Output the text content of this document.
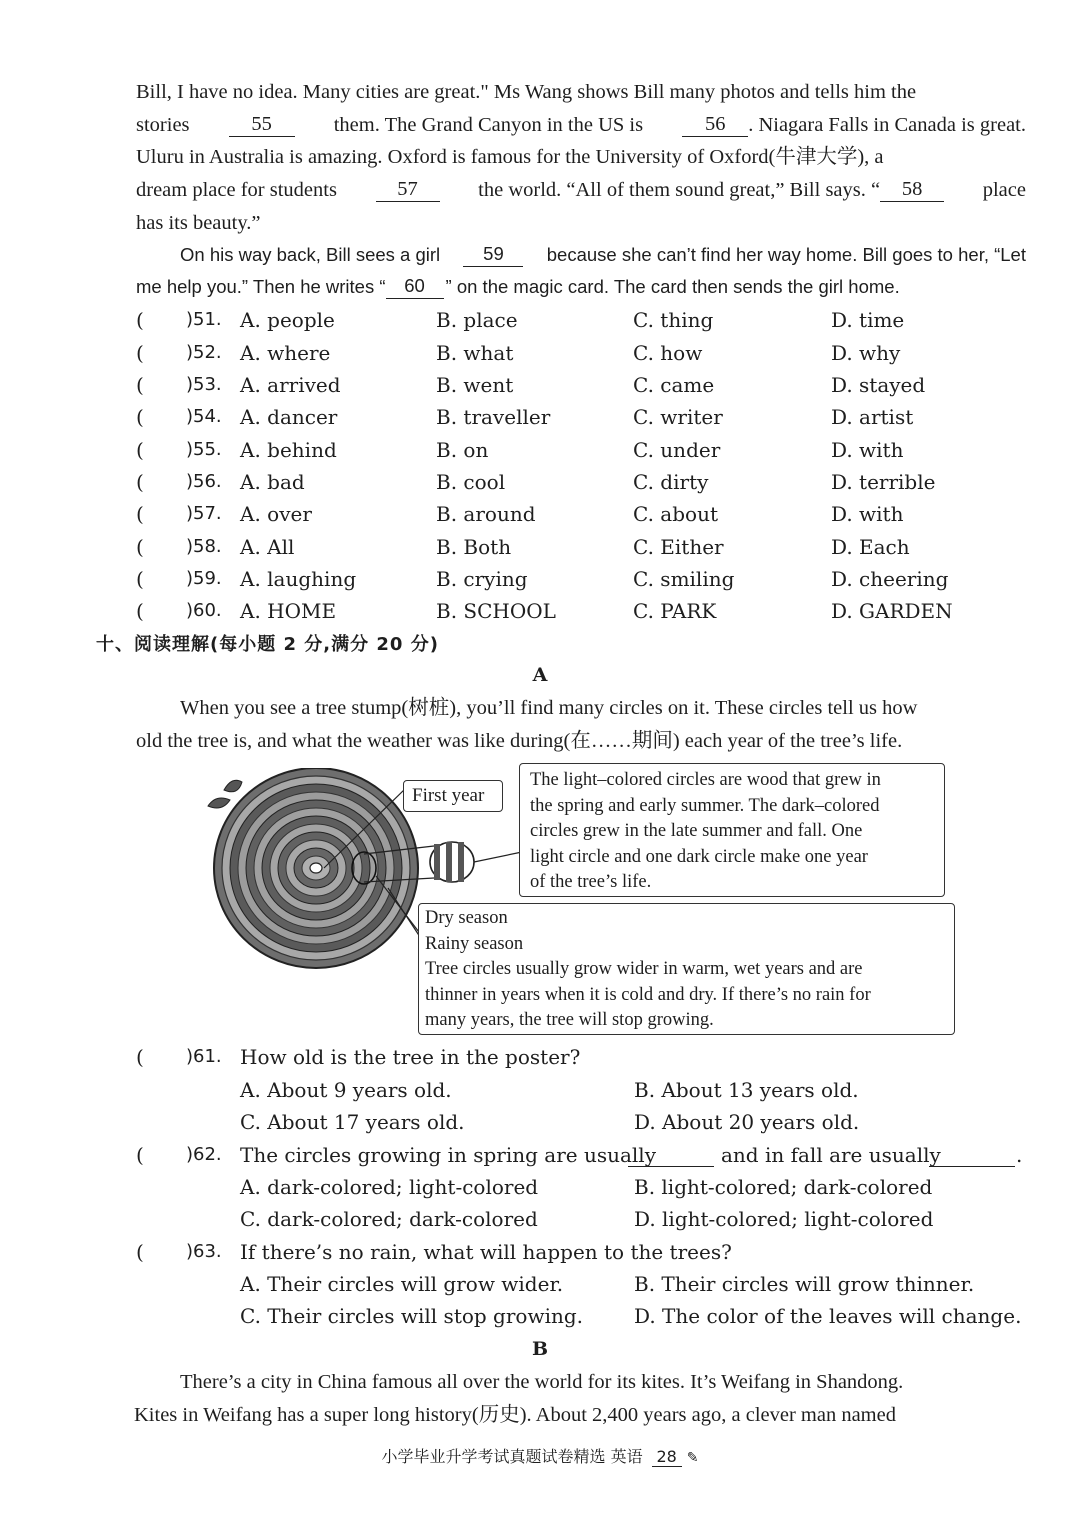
Bill, I have no idea. Many cities are great." Ms Wang shows Bill many photos and tells him the
stories	55	them. The Grand Canyon in the US is	56	. Niagara Falls in Canada is great.
Uluru in Australia is amazing. Oxford is famous for the University of Oxford(牛津大学), a
dream place for students	57	the world. “All of them sound great,” Bill says. “	58	place
has its beauty.”
On his way back, Bill sees a girl	59	because she can’t find her way home. Bill goes to her, “Let
me help you.” Then he writes “	60	” on the magic card. The card then sends the girl home.
( )51. A. people	B. place	C. thing	D. time
( )52. A. where	B. what	C. how	D. why
( )53. A. arrived	B. went	C. came	D. stayed
( )54. A. dancer	B. traveller	C. writer	D. artist
( )55. A. behind	B. on	C. under	D. with
( )56. A. bad	B. cool	C. dirty	D. terrible
( )57. A. over	B. around	C. about	D. with
( )58. A. All	B. Both	C. Either	D. Each
( )59. A. laughing	B. crying	C. smiling	D. cheering
( )60. A. HOME	B. SCHOOL	C. PARK	D. GARDEN
十、阅读理解(每小题 2 分,满分 20 分)
A
When you see a tree stump(树桩), you’ll find many circles on it. These circles tell us how
old the tree is, and what the weather was like during(在……期间) each year of the tree’s life.
First year
The light–colored circles are wood that grew in
the spring and early summer. The dark–colored
circles grew in the late summer and fall. One
light circle and one dark circle make one year
of the tree’s life.
Dry season
Rainy season
Tree circles usually grow wider in warm, wet years and are
thinner in years when it is cold and dry. If there’s no rain for
many years, the tree will stop growing.
( )61. How old is the tree in the poster?
A. About 9 years old.	B. About 13 years old.
C. About 17 years old.	D. About 20 years old.
( )62. The circles growing in spring are usually	and in fall are usually	.
A. dark-colored; light-colored	B. light-colored; dark-colored
C. dark-colored; dark-colored	D. light-colored; light-colored
( )63. If there’s no rain, what will happen to the trees?
A. Their circles will grow wider.	B. Their circles will grow thinner.
C. Their circles will stop growing.	D. The color of the leaves will change.
B
There’s a city in China famous all over the world for its kites. It’s Weifang in Shandong.
Kites in Weifang has a super long history(历史). About 2,400 years ago, a clever man named
小学毕业升学考试真题试卷精选 英语 28 ✎
